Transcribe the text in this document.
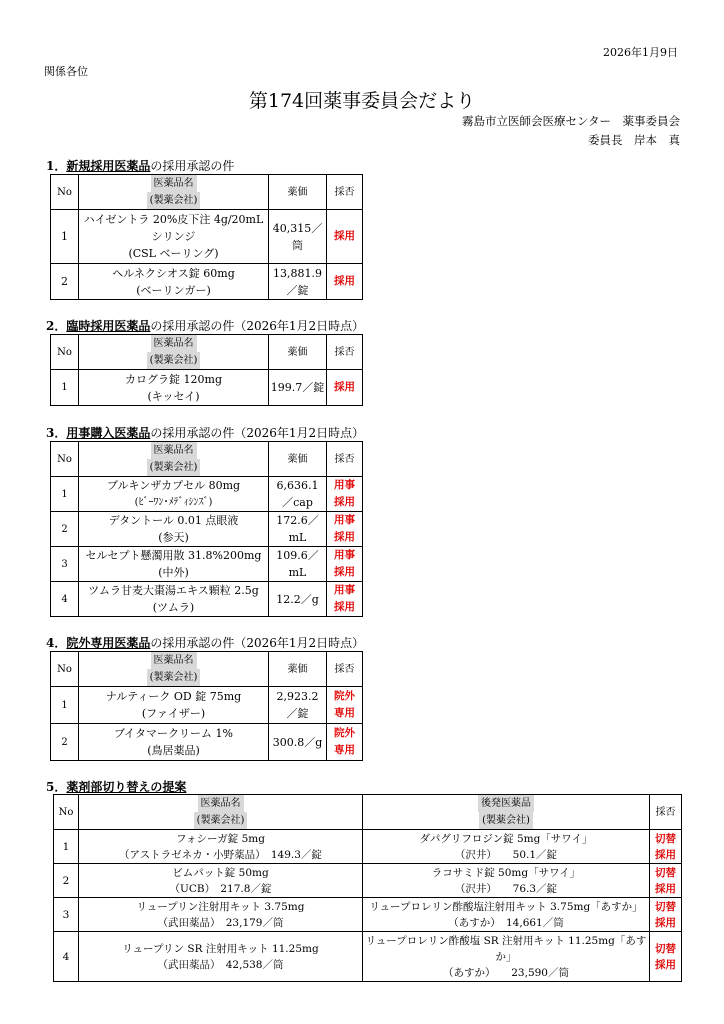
2026年1月9日
関係各位
第174回薬事委員会だより
霧島市立医師会医療センター　薬事委員会
委員長　岸本　真
1．新規採用医薬品の採用承認の件
No	医薬品名
(製薬会社)	薬価	採否
1	ハイゼントラ 20%皮下注 4g/20mL
シリンジ
(CSL ベーリング)	40,315／
筒	採用
2	ヘルネクシオス錠 60mg
(ベーリンガー)	13,881.9
／錠	採用
2．臨時採用医薬品の採用承認の件（2026年1月2日時点）
No	医薬品名
(製薬会社)	薬価	採否
1	カログラ錠 120mg
(キッセイ)	199.7／錠	採用
3．用事購入医薬品の採用承認の件（2026年1月2日時点）
No	医薬品名
(製薬会社)	薬価	採否
1	ブルキンザカプセル 80mg
(ﾋﾞｰﾜﾝ･ﾒﾃﾞｨｼﾝｽﾞ)	6,636.1
／cap	用事
採用

2	デタントール 0.01 点眼液
(参天)	172.6／
mL	用事
採用

3	セルセプト懸濁用散 31.8%200mg
(中外)	109.6／
mL	用事
採用

4	ツムラ甘麦大棗湯エキス顆粒 2.5g
(ツムラ)	12.2／g	用事
採用
4．院外専用医薬品の採用承認の件（2026年1月2日時点）
No	医薬品名
(製薬会社)	薬価	採否
1	ナルティーク OD 錠 75mg
(ファイザー)	2,923.2
／錠	院外
専用

2	ブイタマークリーム 1%
(鳥居薬品)	300.8／g	院外
専用
5．薬剤部切り替えの提案
No	医薬品名
(製薬会社)	後発医薬品
(製薬会社)	採否
1	フォシーガ錠 5mg
（アストラゼネカ・小野薬品）　149.3／錠	ダパグリフロジン錠 5mg「サワイ」
（沢井）　　50.1／錠	切替
採用

2	ビムパット錠 50mg
（UCB）　217.8／錠	ラコサミド錠 50mg「サワイ」
（沢井）　　76.3／錠	切替
採用

3	リュープリン注射用キット 3.75mg
（武田薬品）　23,179／筒	リュープロレリン酢酸塩注射用キット 3.75mg「あすか」
（あすか）　14,661／筒	切替
採用

4	リュープリン SR 注射用キット 11.25mg
（武田薬品）　42,538／筒	リュープロレリン酢酸塩 SR 注射用キット 11.25mg「あす
か」
（あすか）　　23,590／筒	切替
採用
